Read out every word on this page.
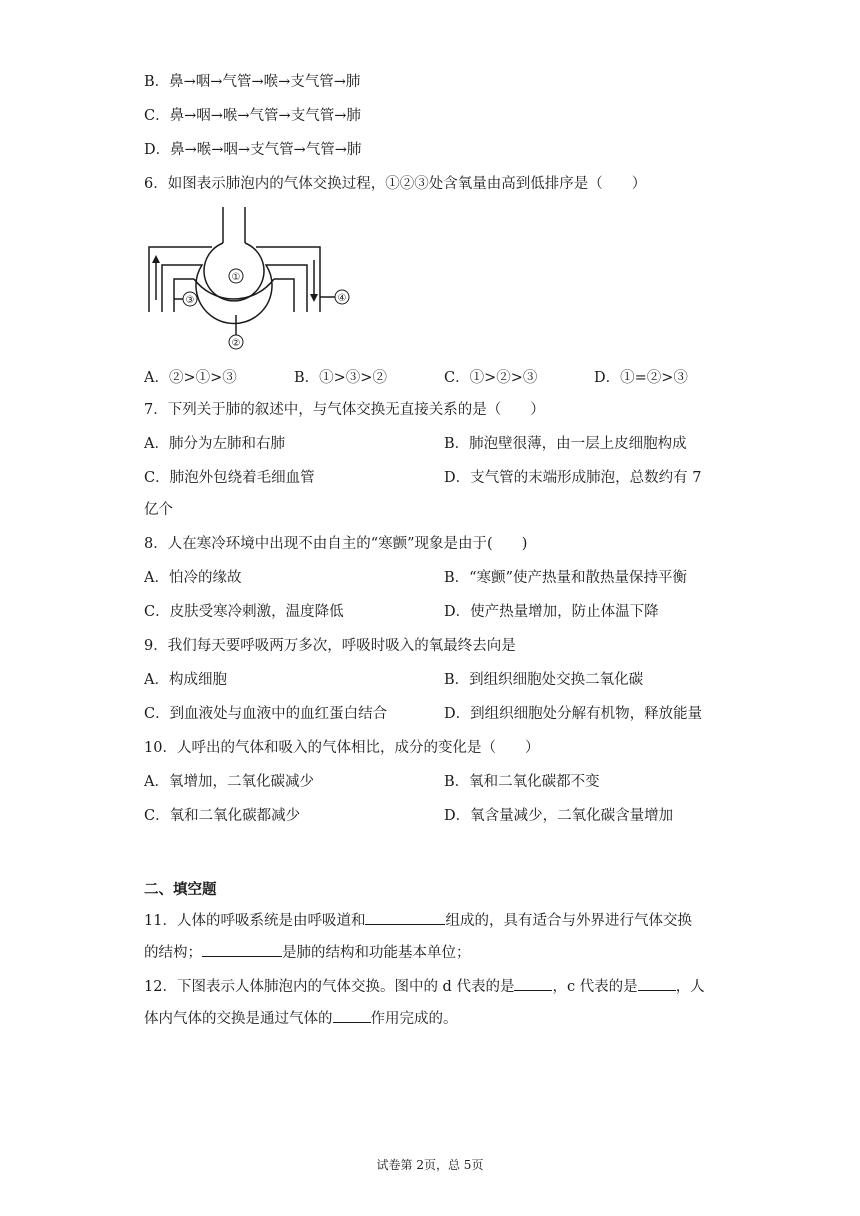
B．鼻→咽→气管→喉→支气管→肺
C．鼻→咽→喉→气管→支气管→肺
D．鼻→喉→咽→支气管→气管→肺
6．如图表示肺泡内的气体交换过程，①②③处含氧量由高到低排序是（　　）
①
②
③	④
A．②>①>③	B．①>③>②	C．①>②>③	D．①=②>③
7．下列关于肺的叙述中，与气体交换无直接关系的是（　　）
A．肺分为左肺和右肺	B．肺泡壁很薄，由一层上皮细胞构成
C．肺泡外包绕着毛细血管	D．支气管的末端形成肺泡，总数约有 7
亿个
8．人在寒冷环境中出现不由自主的“寒颤”现象是由于(　　)
A．怕冷的缘故	B．“寒颤”使产热量和散热量保持平衡
C．皮肤受寒冷刺激，温度降低	D．使产热量增加，防止体温下降
9．我们每天要呼吸两万多次，呼吸时吸入的氧最终去向是
A．构成细胞	B．到组织细胞处交换二氧化碳
C．到血液处与血液中的血红蛋白结合	D．到组织细胞处分解有机物，释放能量
10．人呼出的气体和吸入的气体相比，成分的变化是（　　）
A．氧增加，二氧化碳减少	B．氧和二氧化碳都不变
C．氧和二氧化碳都减少	D．氧含量减少，二氧化碳含量增加
二、填空题
11．人体的呼吸系统是由呼吸道和	组成的，具有适合与外界进行气体交换
的结构；	是肺的结构和功能基本单位；
12．下图表示人体肺泡内的气体交换。图中的 d 代表的是	，c 代表的是	，人
体内气体的交换是通过气体的	作用完成的。
试卷第 2页，总 5页
